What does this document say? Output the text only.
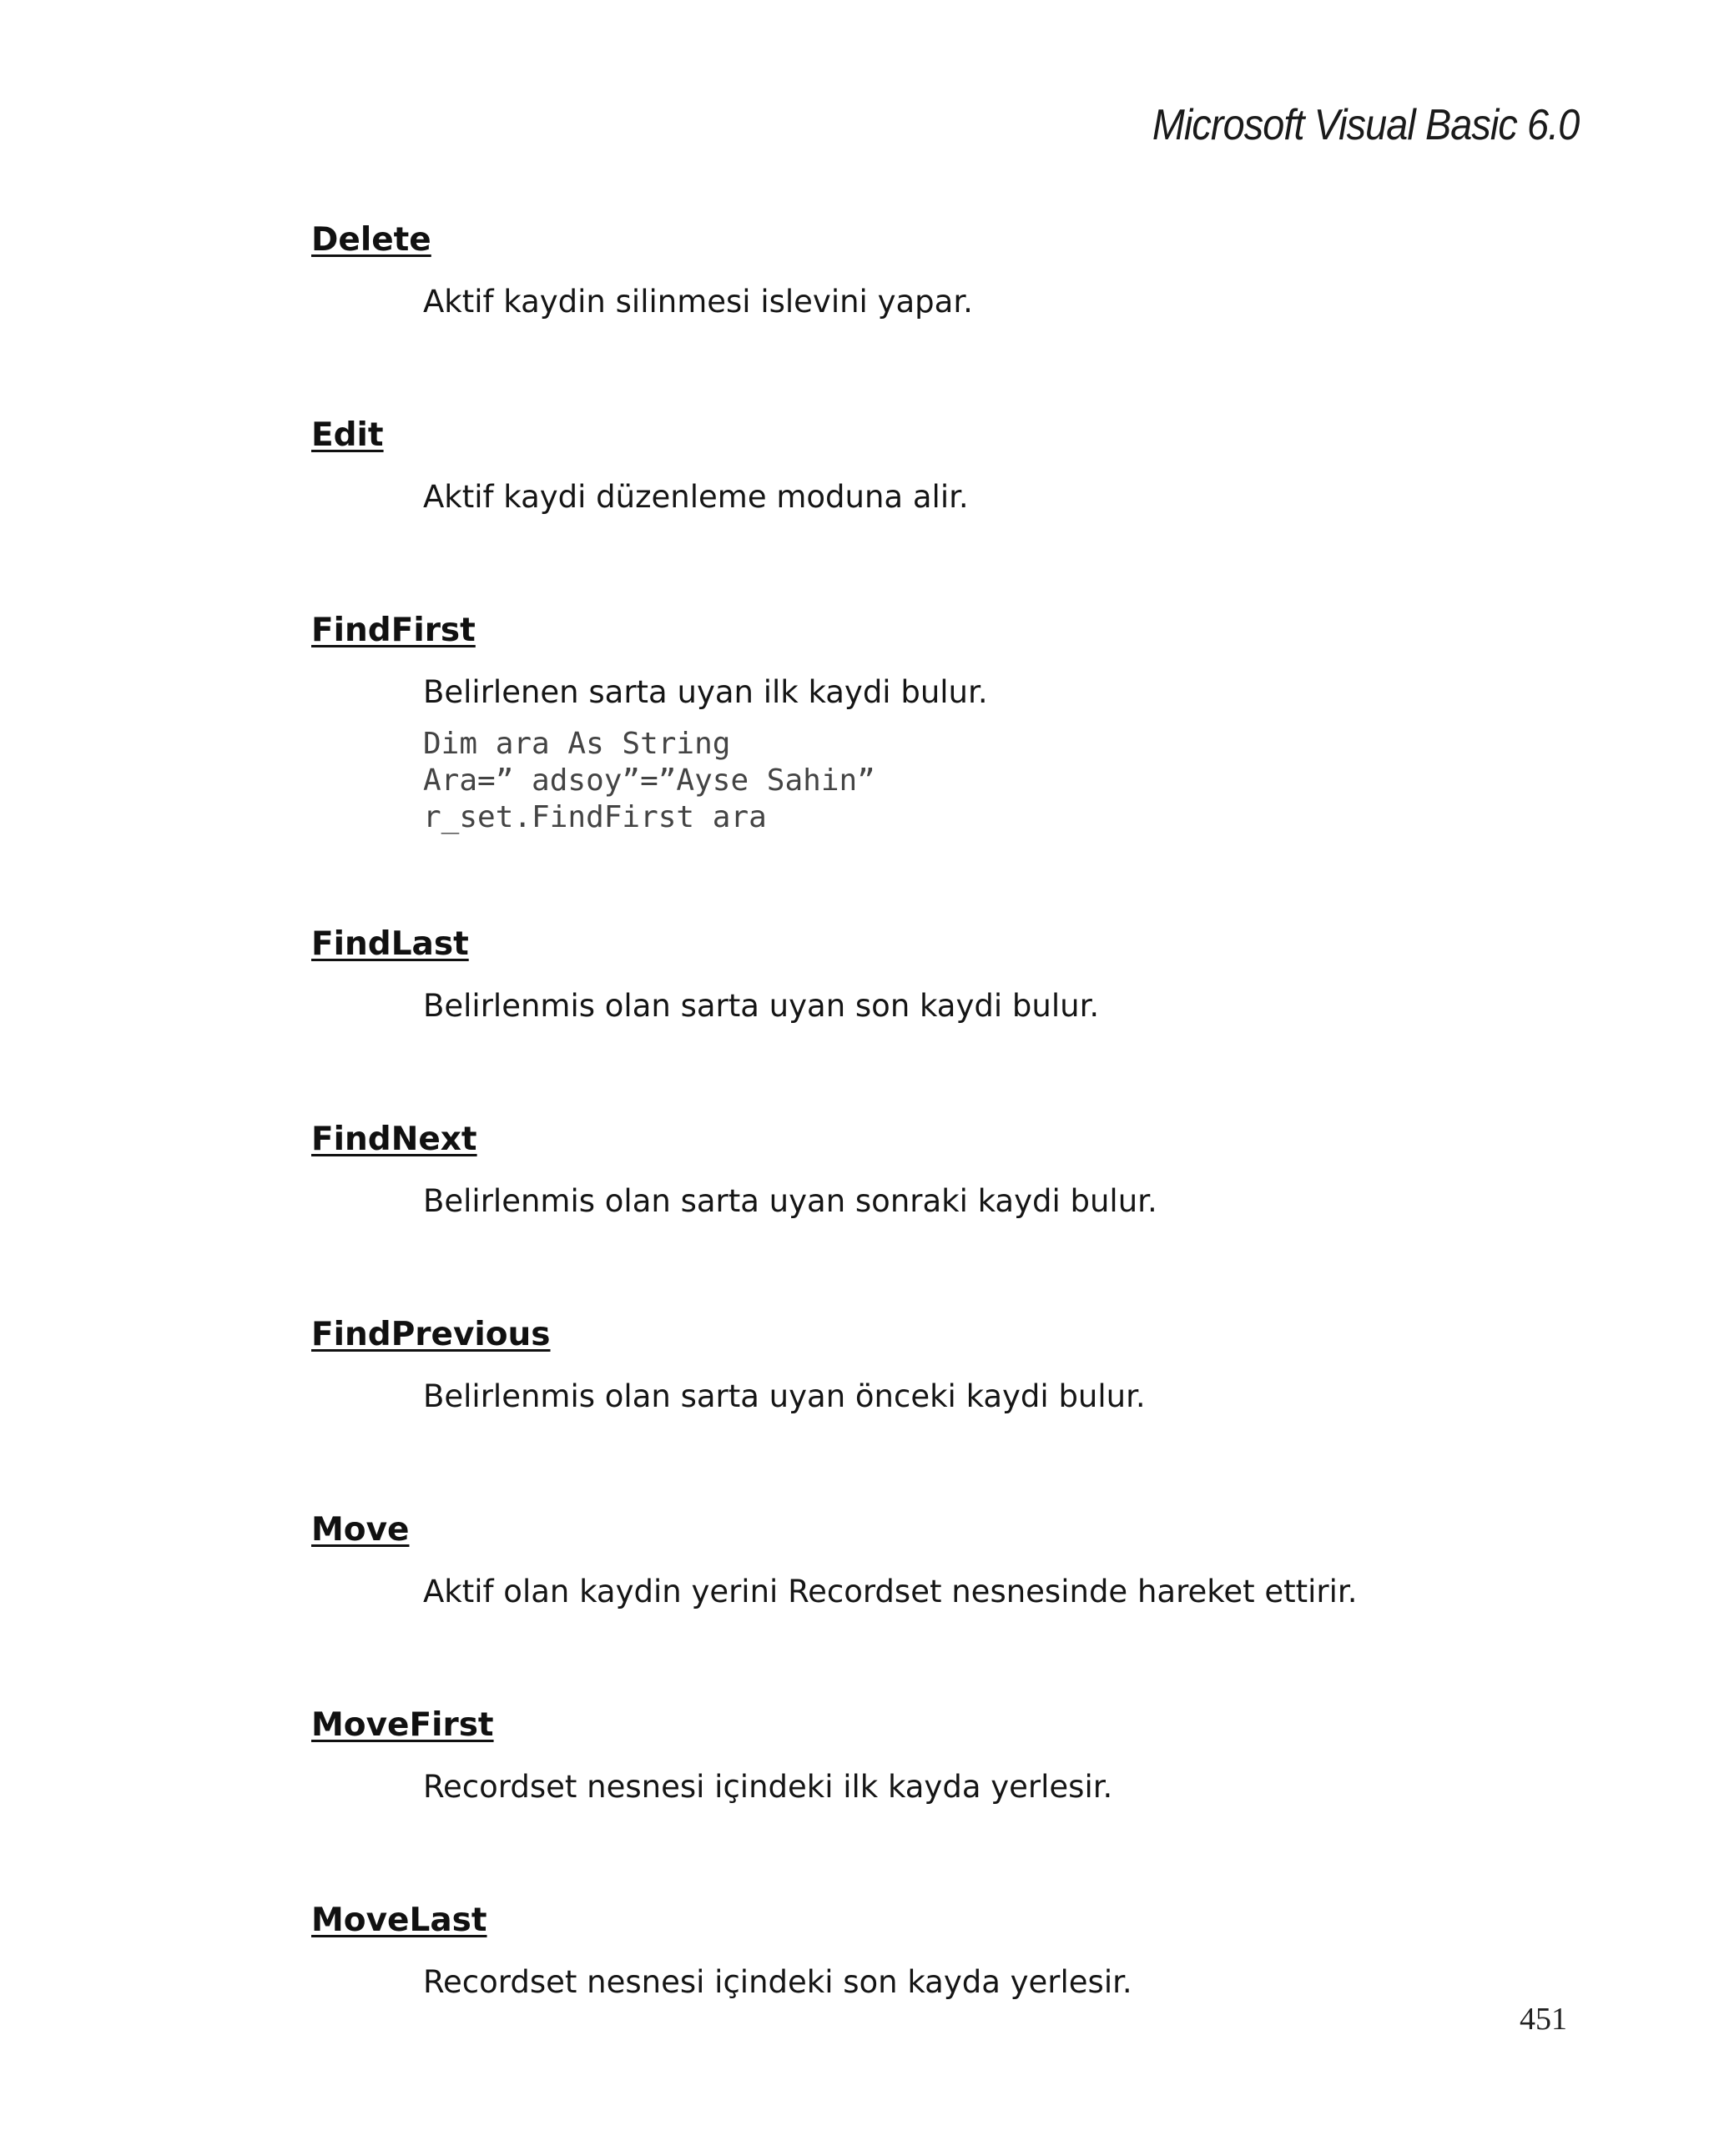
Microsoft Visual Basic 6.0
Delete
Aktif kaydin silinmesi islevini yapar.
Edit
Aktif kaydi düzenleme moduna alir.
FindFirst
Belirlenen sarta uyan ilk kaydi bulur.
Dim ara As String
Ara=” adsoy”=”Ayse Sahin”
r_set.FindFirst ara
FindLast
Belirlenmis olan sarta uyan son kaydi bulur.
FindNext
Belirlenmis olan sarta uyan sonraki kaydi bulur.
FindPrevious
Belirlenmis olan sarta uyan önceki kaydi bulur.
Move
Aktif olan kaydin yerini Recordset nesnesinde hareket ettirir.
MoveFirst
Recordset nesnesi içindeki ilk kayda yerlesir.
MoveLast
Recordset nesnesi içindeki son kayda yerlesir.
451
